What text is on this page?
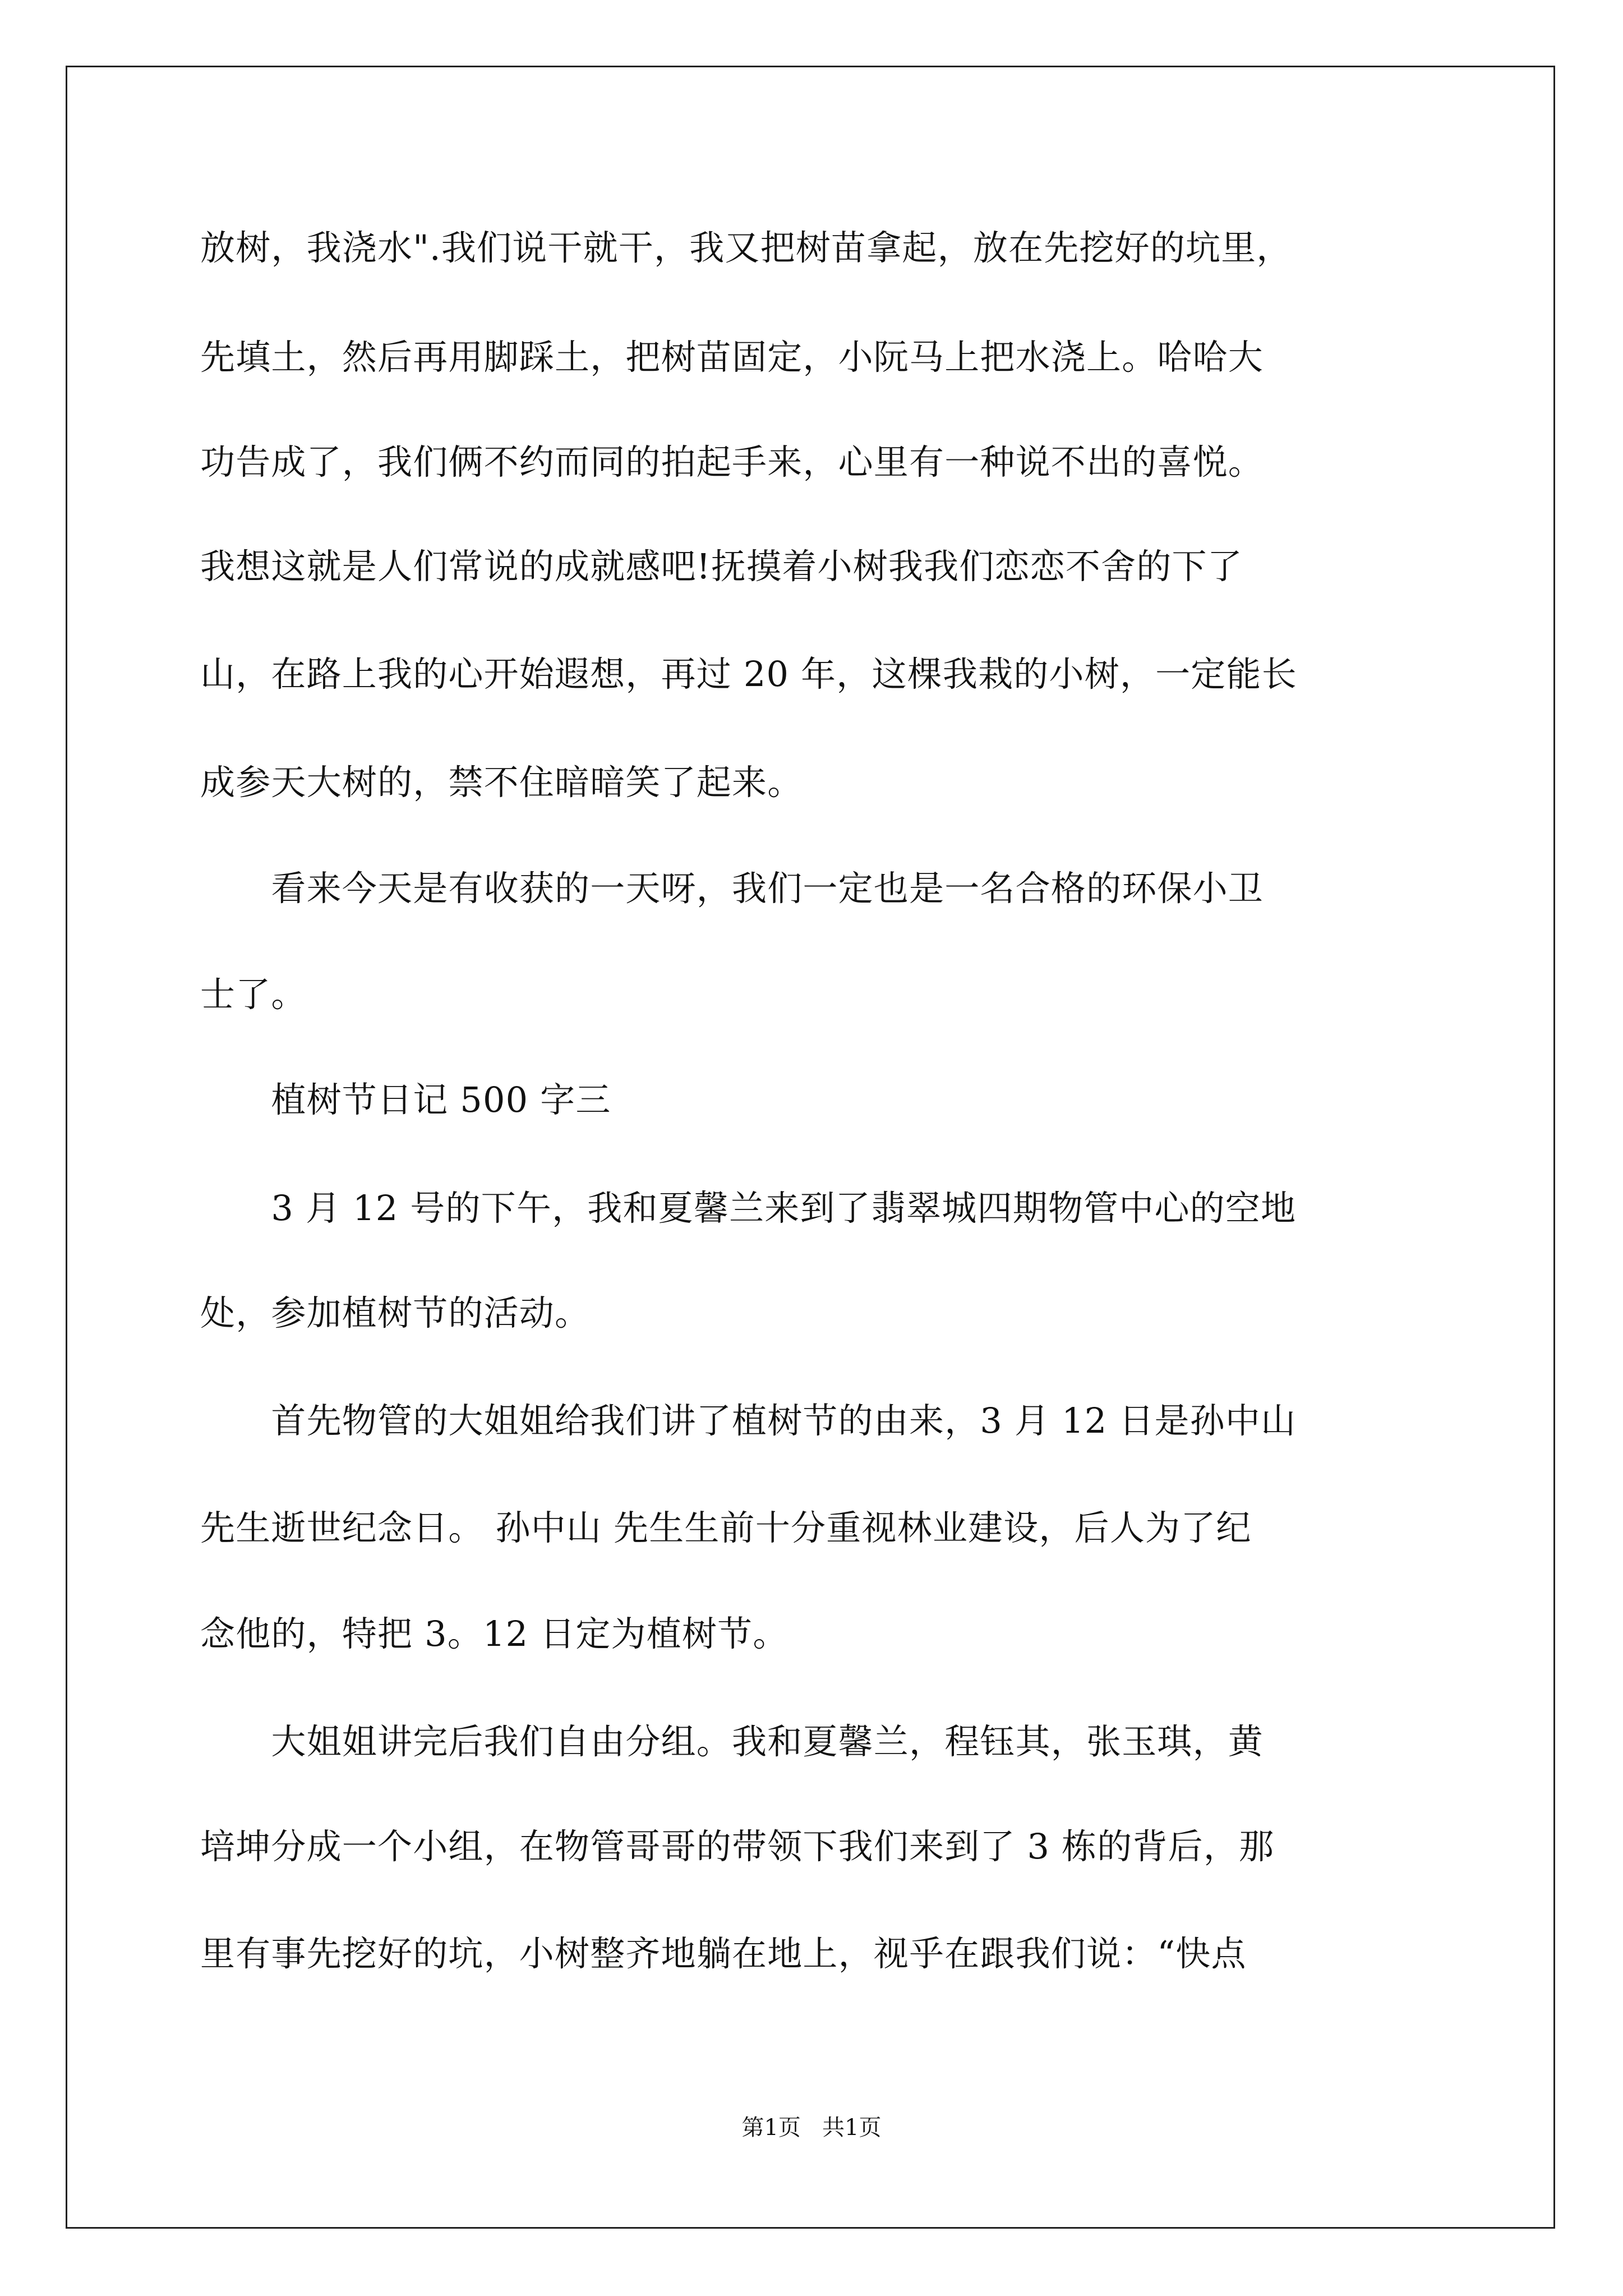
放树，我浇水".我们说干就干，我又把树苗拿起，放在先挖好的坑里，
先填土，然后再用脚踩土，把树苗固定，小阮马上把水浇上。哈哈大
功告成了，我们俩不约而同的拍起手来，心里有一种说不出的喜悦。
我想这就是人们常说的成就感吧!抚摸着小树我我们恋恋不舍的下了
山，在路上我的心开始遐想，再过 20 年，这棵我栽的小树，一定能长
成参天大树的，禁不住暗暗笑了起来。
　　看来今天是有收获的一天呀，我们一定也是一名合格的环保小卫
士了。
　　植树节日记 500 字三
　　3 月 12 号的下午，我和夏馨兰来到了翡翠城四期物管中心的空地
处，参加植树节的活动。
　　首先物管的大姐姐给我们讲了植树节的由来，3 月 12 日是孙中山
先生逝世纪念日。 孙中山 先生生前十分重视林业建设，后人为了纪
念他的，特把 3。12 日定为植树节。
　　大姐姐讲完后我们自由分组。我和夏馨兰，程钰其，张玉琪，黄
培坤分成一个小组，在物管哥哥的带领下我们来到了 3 栋的背后，那
里有事先挖好的坑，小树整齐地躺在地上，视乎在跟我们说：“快点
第1页   共1页
